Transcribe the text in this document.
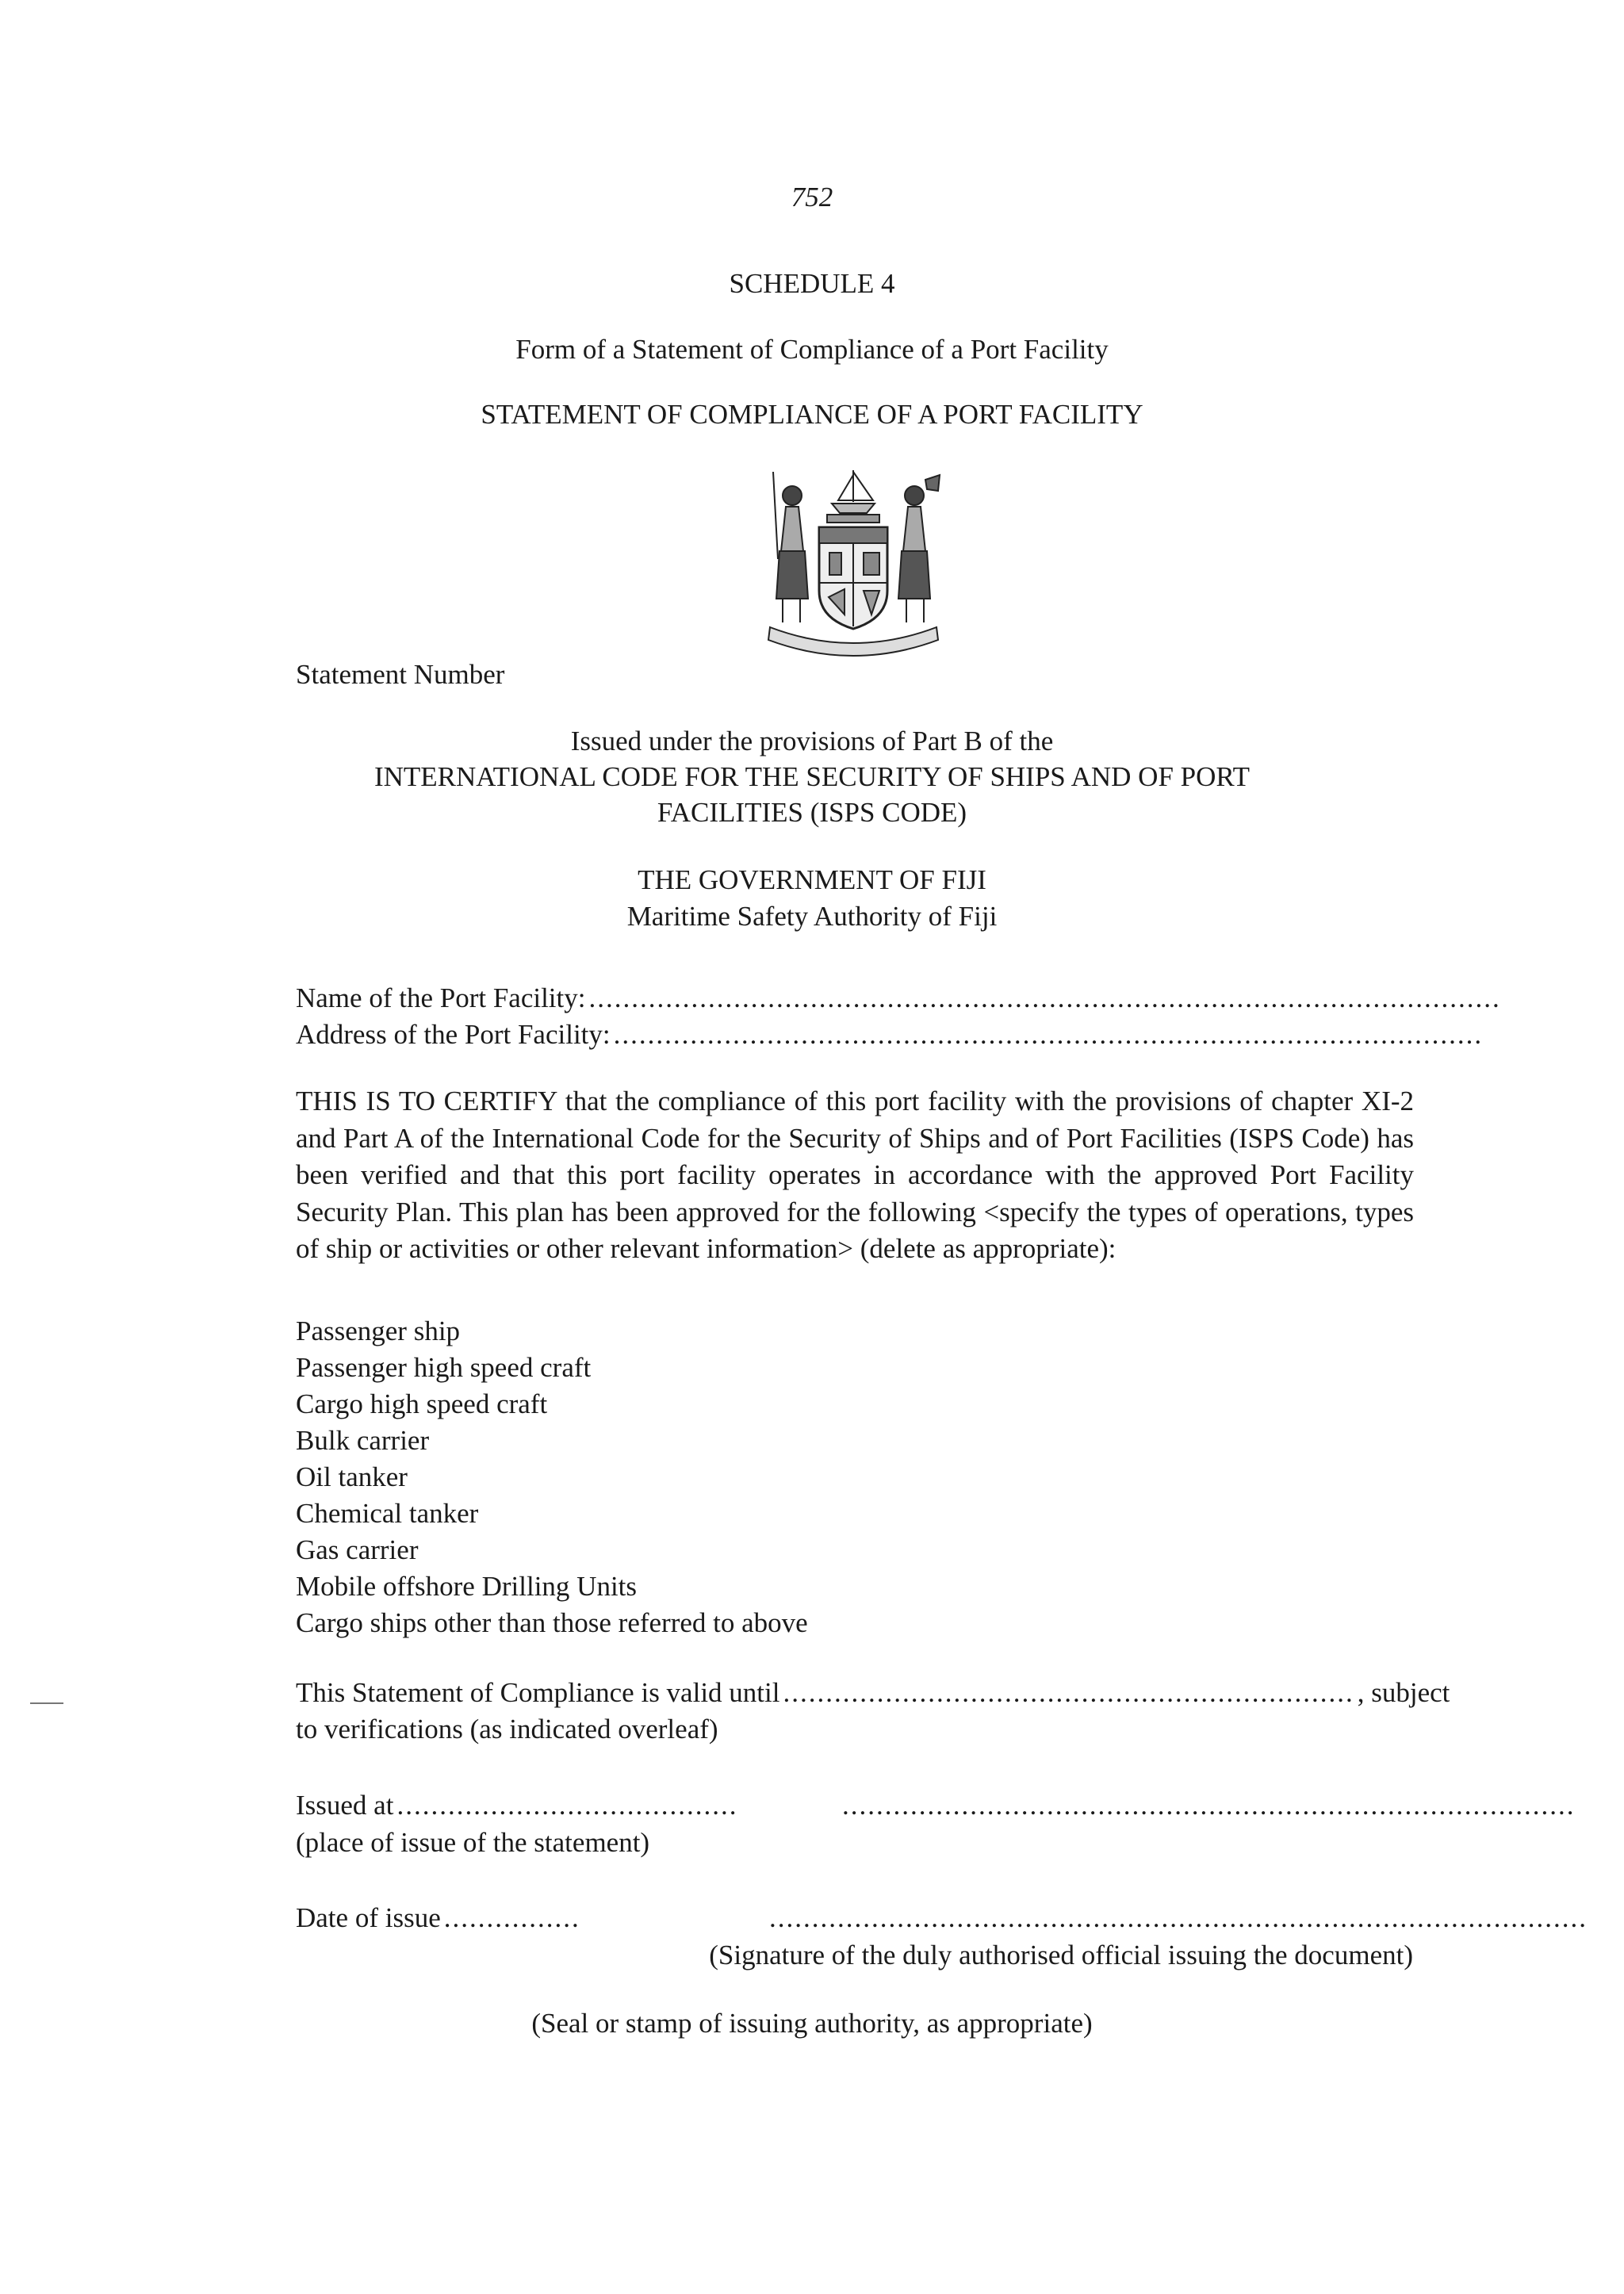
752
SCHEDULE 4
Form of a Statement of Compliance of a Port Facility
STATEMENT OF COMPLIANCE OF A PORT FACILITY
Statement Number
Issued under the provisions of Part B of the
INTERNATIONAL CODE FOR THE SECURITY OF SHIPS AND OF PORT
FACILITIES (ISPS CODE)
THE GOVERNMENT OF FIJI
Maritime Safety Authority of Fiji
Name of the Port Facility: ...........................................................................................................
Address of the Port Facility: ......................................................................................................
THIS IS TO CERTIFY that the compliance of this port facility with the provisions of chapter XI-2 and Part A of the International Code for the Security of Ships and of Port Facilities (ISPS Code) has been verified and that this port facility operates in accordance with the approved Port Facility Security Plan. This plan has been approved for the following <specify the types of operations, types of ship or activities or other relevant information> (delete as appropriate):
Passenger ship
Passenger high speed craft
Cargo high speed craft
Bulk carrier
Oil tanker
Chemical tanker
Gas carrier
Mobile offshore Drilling Units
Cargo ships other than those referred to above
This Statement of Compliance is valid until ................................................................... , subject
to verifications (as indicated overleaf)
Issued at ........................................	......................................................................................
(place of issue of the statement)
Date of issue ................	................................................................................................
(Signature of the duly authorised official issuing the document)
(Seal or stamp of issuing authority, as appropriate)
